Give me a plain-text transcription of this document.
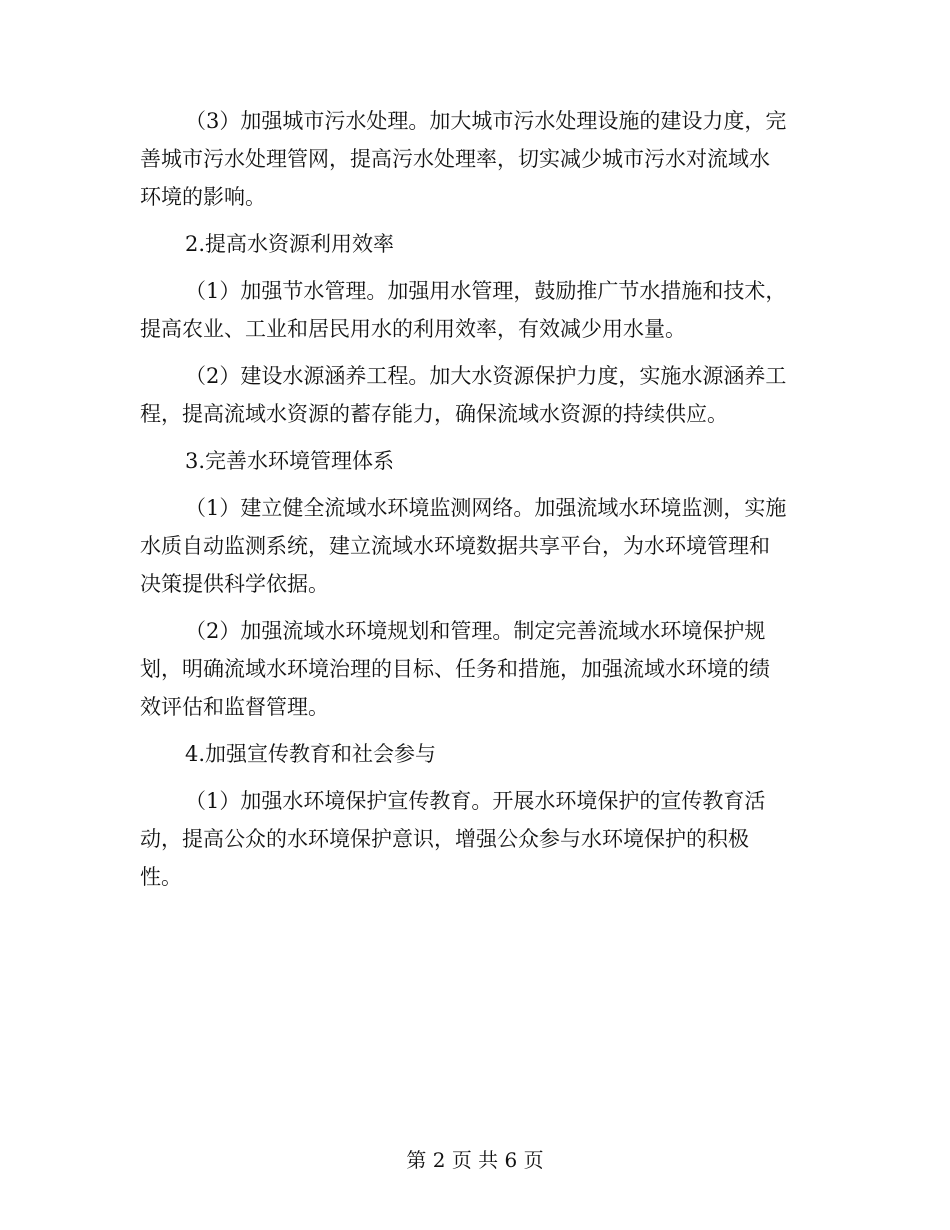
（3）加强城市污水处理。加大城市污水处理设施的建设力度，完
善城市污水处理管网，提高污水处理率，切实减少城市污水对流域水
环境的影响。
2.提高水资源利用效率
（1）加强节水管理。加强用水管理，鼓励推广节水措施和技术，
提高农业、工业和居民用水的利用效率，有效减少用水量。
（2）建设水源涵养工程。加大水资源保护力度，实施水源涵养工
程，提高流域水资源的蓄存能力，确保流域水资源的持续供应。
3.完善水环境管理体系
（1）建立健全流域水环境监测网络。加强流域水环境监测，实施
水质自动监测系统，建立流域水环境数据共享平台，为水环境管理和
决策提供科学依据。
（2）加强流域水环境规划和管理。制定完善流域水环境保护规
划，明确流域水环境治理的目标、任务和措施，加强流域水环境的绩
效评估和监督管理。
4.加强宣传教育和社会参与
（1）加强水环境保护宣传教育。开展水环境保护的宣传教育活
动，提高公众的水环境保护意识，增强公众参与水环境保护的积极
性。
第 2 页 共 6 页
